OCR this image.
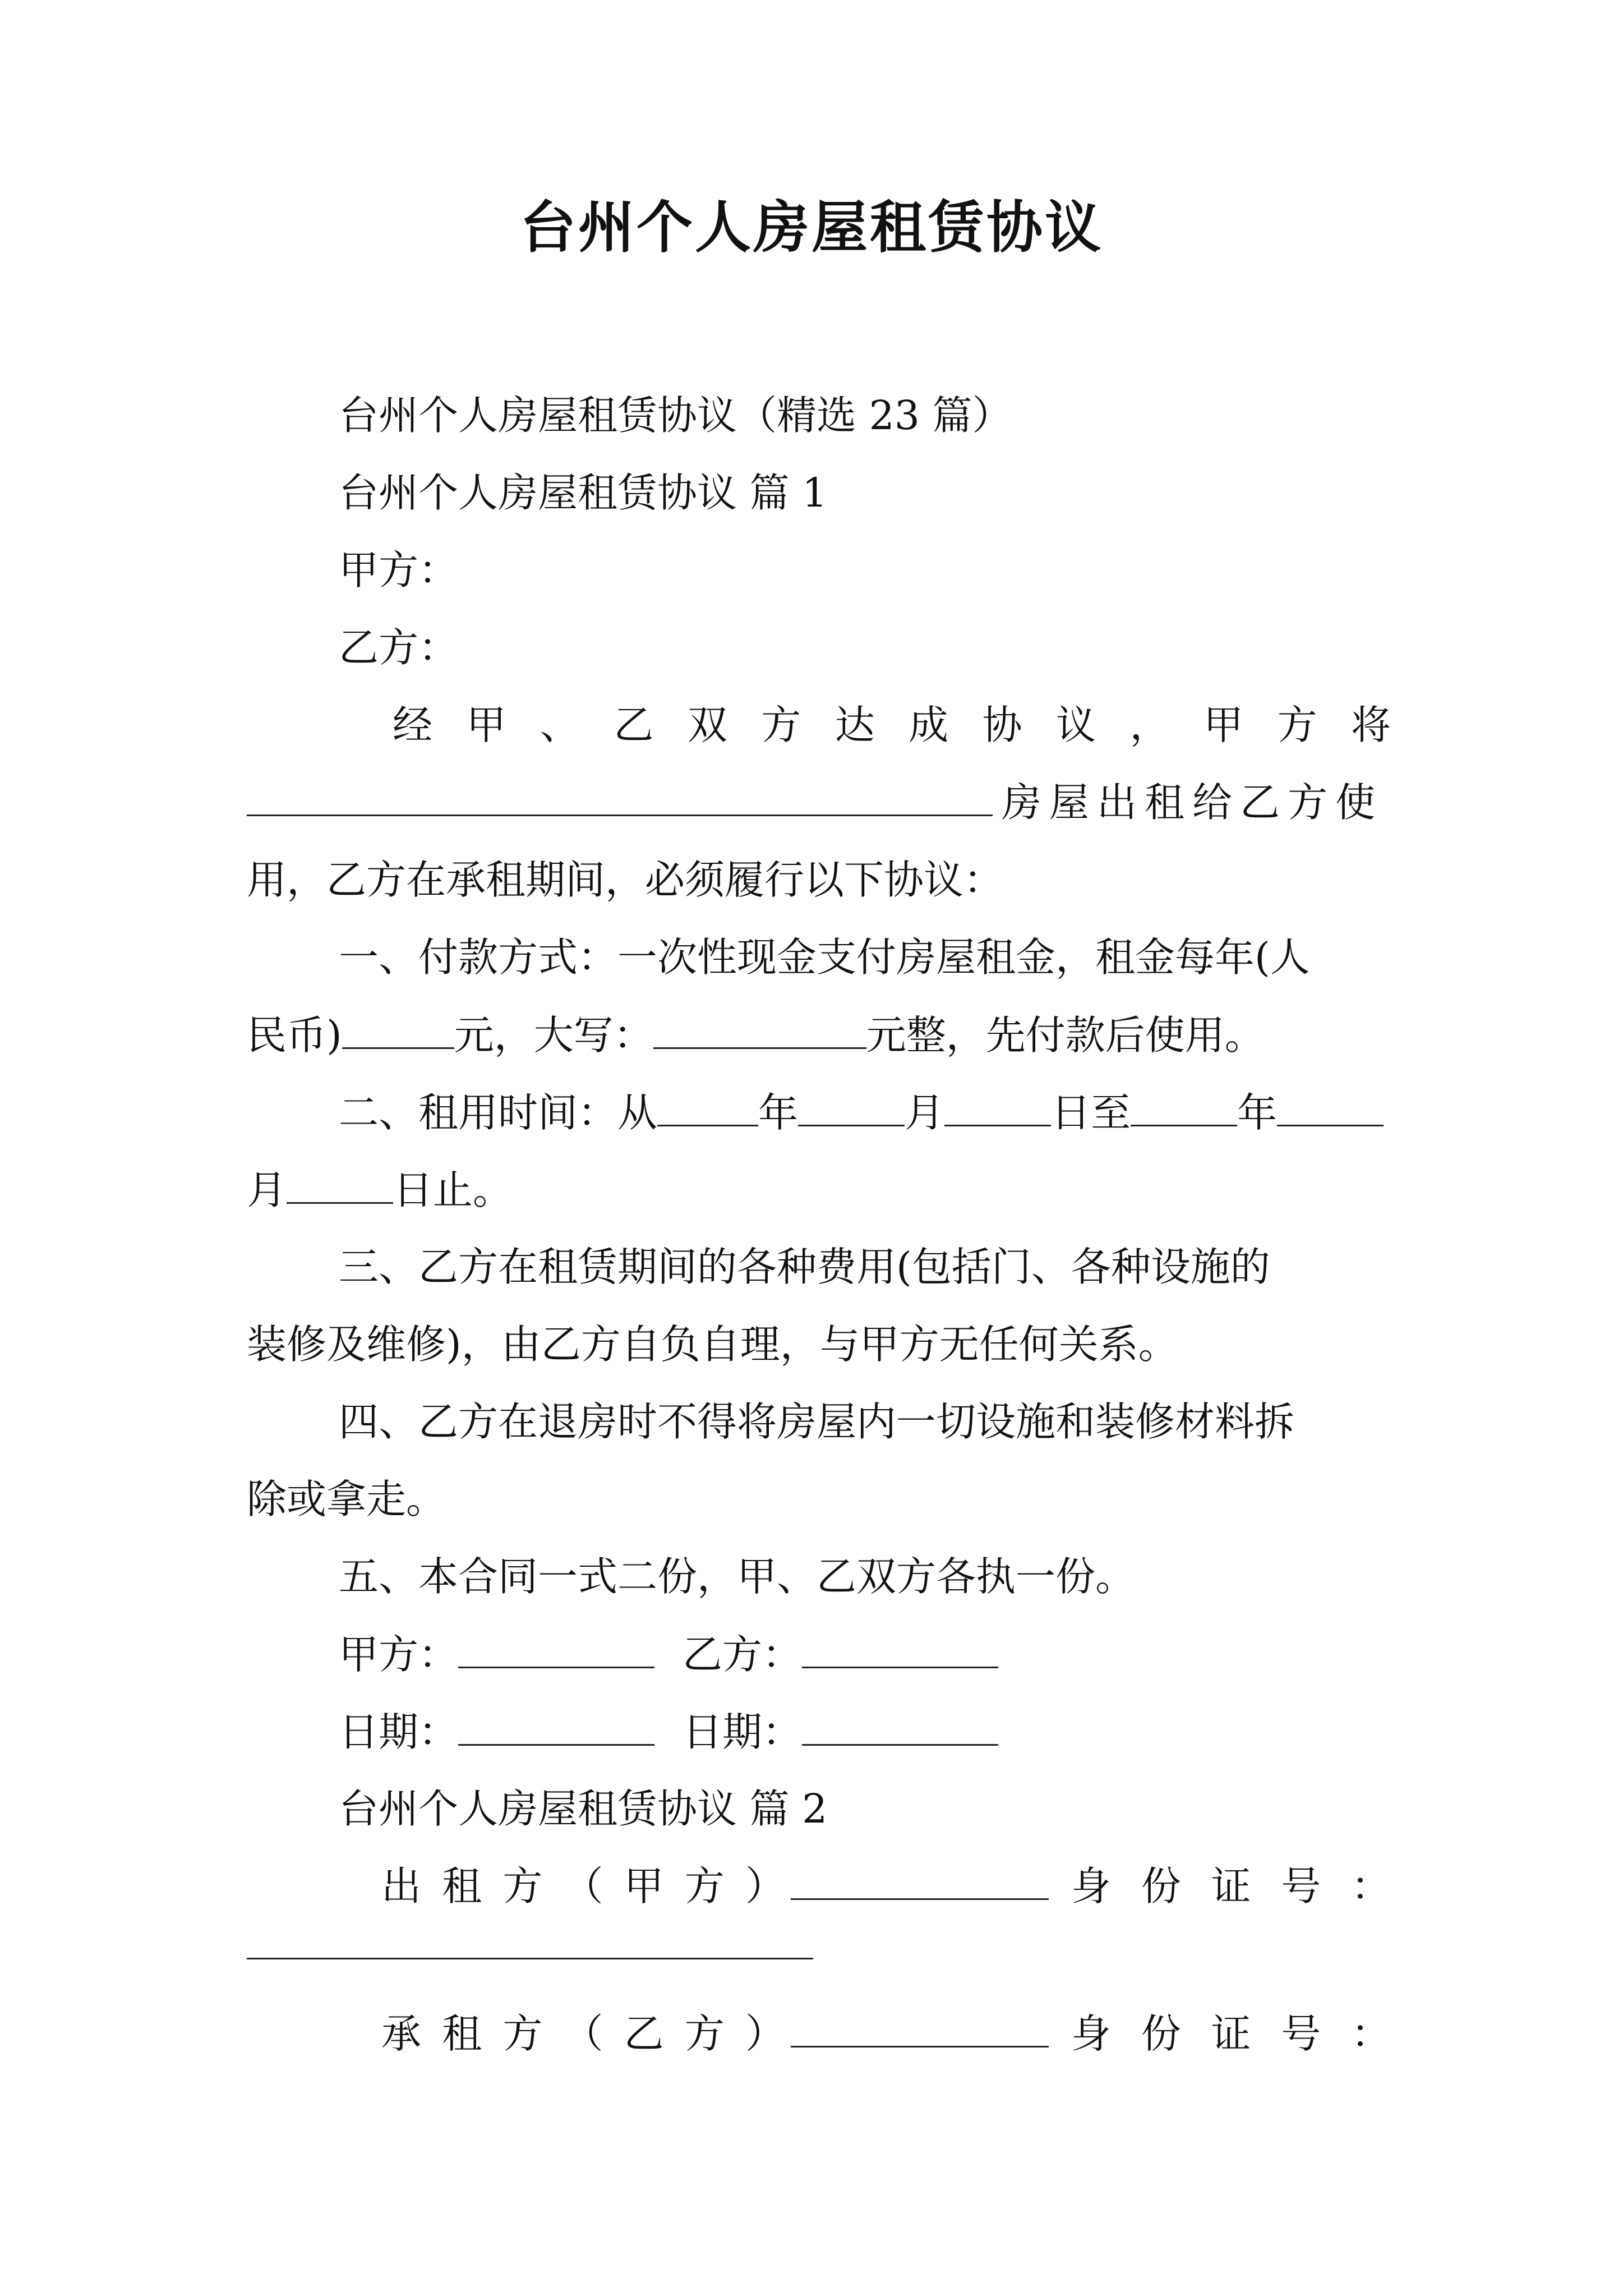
台州个人房屋租赁协议
台州个人房屋租赁协议（精选 23 篇）
台州个人房屋租赁协议 篇 1
甲方：
乙方：
经 甲 、 乙 双 方 达 成 协 议 ， 甲 方 将
房屋出租给乙方使
用，乙方在承租期间，必须履行以下协议：
一、付款方式：一次性现金支付房屋租金，租金每年(人
民币)	元，大写：	元整，先付款后使用。
二、租用时间：从	年	月	日至	年
月	日止。
三、乙方在租赁期间的各种费用(包括门、各种设施的
装修及维修)，由乙方自负自理，与甲方无任何关系。
四、乙方在退房时不得将房屋内一切设施和装修材料拆
除或拿走。
五、本合同一式二份，甲、乙双方各执一份。
甲方：	乙方：
日期：	日期：
台州个人房屋租赁协议 篇 2
出 租 方 （ 甲 方 ）	身 份 证 号 ：
承 租 方 （ 乙 方 ）	身 份 证 号 ：
